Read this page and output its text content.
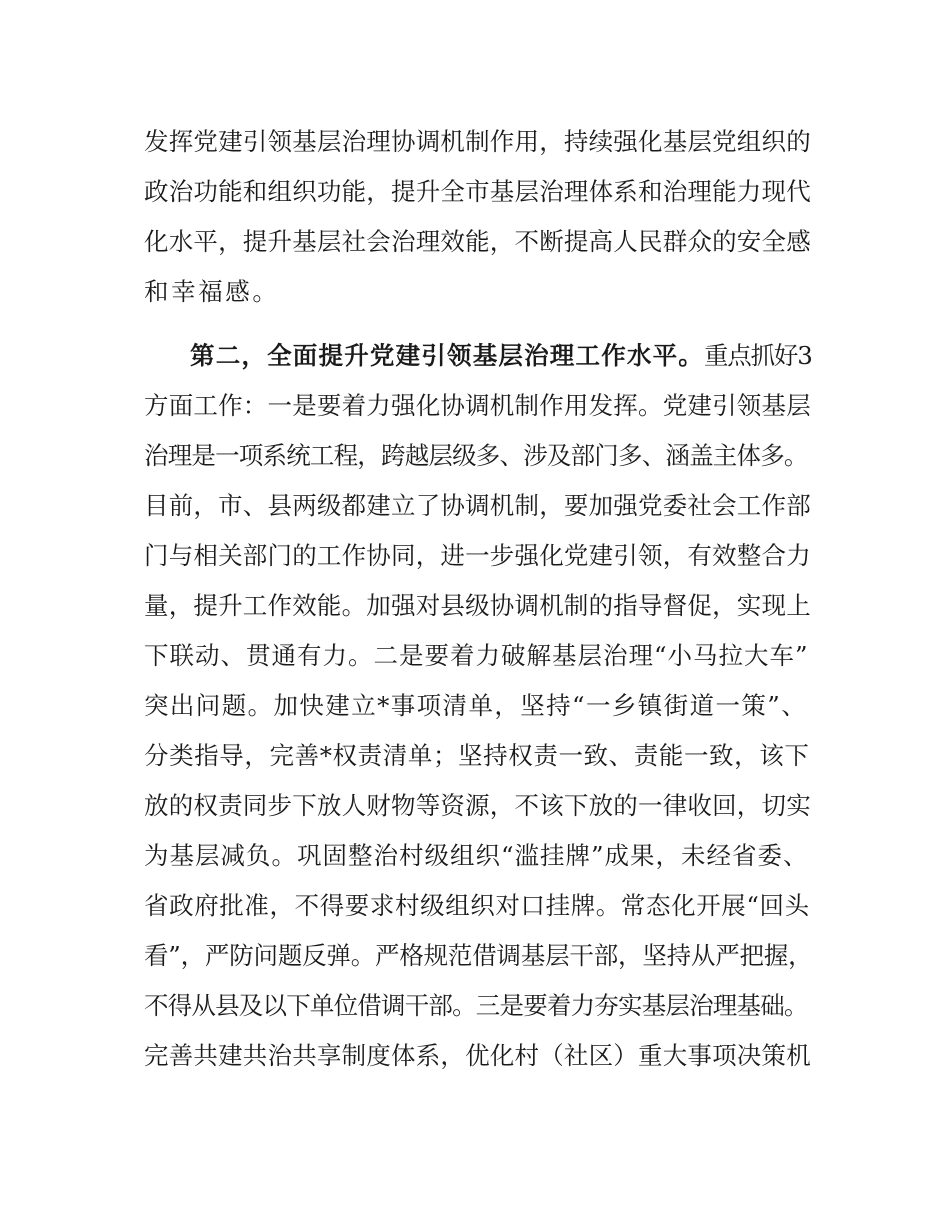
发挥党建引领基层治理协调机制作用，持续强化基层党组织的
政治功能和组织功能，提升全市基层治理体系和治理能力现代
化水平，提升基层社会治理效能，不断提高人民群众的安全感
和幸福感。
第二，全面提升党建引领基层治理工作水平。重点抓好3
方面工作：一是要着力强化协调机制作用发挥。党建引领基层
治理是一项系统工程，跨越层级多、涉及部门多、涵盖主体多。
目前，市、县两级都建立了协调机制，要加强党委社会工作部
门与相关部门的工作协同，进一步强化党建引领，有效整合力
量，提升工作效能。加强对县级协调机制的指导督促，实现上
下联动、贯通有力。二是要着力破解基层治理“小马拉大车”
突出问题。加快建立*事项清单，坚持“一乡镇街道一策”、
分类指导，完善*权责清单；坚持权责一致、责能一致，该下
放的权责同步下放人财物等资源，不该下放的一律收回，切实
为基层减负。巩固整治村级组织“滥挂牌”成果，未经省委、
省政府批准，不得要求村级组织对口挂牌。常态化开展“回头
看”，严防问题反弹。严格规范借调基层干部，坚持从严把握，
不得从县及以下单位借调干部。三是要着力夯实基层治理基础。
完善共建共治共享制度体系，优化村（社区）重大事项决策机
